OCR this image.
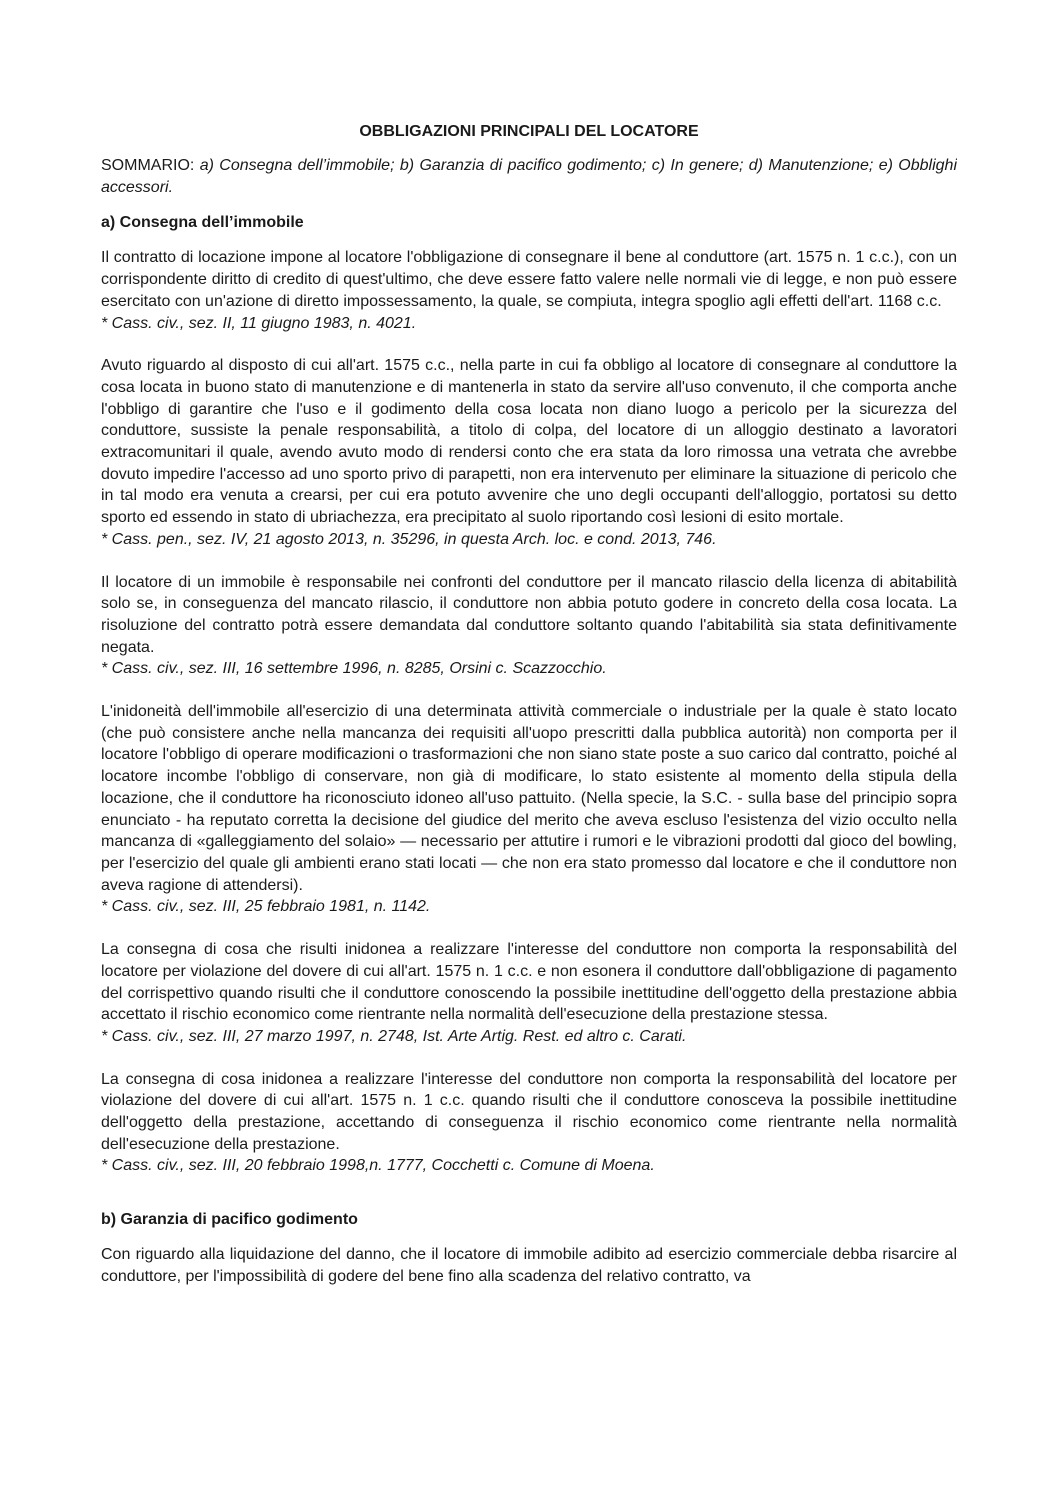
OBBLIGAZIONI PRINCIPALI DEL LOCATORE

SOMMARIO: a) Consegna dell’immobile; b) Garanzia di pacifico godimento; c) In genere; d) Manutenzione; e) Obblighi accessori.

a) Consegna dell’immobile

Il contratto di locazione impone al locatore l'obbligazione di consegnare il bene al conduttore (art. 1575 n. 1 c.c.), con un corrispondente diritto di credito di quest'ultimo, che deve essere fatto valere nelle normali vie di legge, e non può essere esercitato con un'azione di diretto impossessamento, la quale, se compiuta, integra spoglio agli effetti dell'art. 1168 c.c.

* Cass. civ., sez. II, 11 giugno 1983, n. 4021.

Avuto riguardo al disposto di cui all'art. 1575 c.c., nella parte in cui fa obbligo al locatore di consegnare al conduttore la cosa locata in buono stato di manutenzione e di mantenerla in stato da servire all'uso convenuto, il che comporta anche l'obbligo di garantire che l'uso e il godimento della cosa locata non diano luogo a pericolo per la sicurezza del conduttore, sussiste la penale responsabilità, a titolo di colpa, del locatore di un alloggio destinato a lavoratori extracomunitari il quale, avendo avuto modo di rendersi conto che era stata da loro rimossa una vetrata che avrebbe dovuto impedire l'accesso ad uno sporto privo di parapetti, non era intervenuto per eliminare la situazione di pericolo che in tal modo era venuta a crearsi, per cui era potuto avvenire che uno degli occupanti dell'alloggio, portatosi su detto sporto ed essendo in stato di ubriachezza, era precipitato al suolo riportando così lesioni di esito mortale.

* Cass. pen., sez. IV, 21 agosto 2013, n. 35296, in questa Arch. loc. e cond. 2013, 746.

Il locatore di un immobile è responsabile nei confronti del conduttore per il mancato rilascio della licenza di abitabilità solo se, in conseguenza del mancato rilascio, il conduttore non abbia potuto godere in concreto della cosa locata. La risoluzione del contratto potrà essere demandata dal conduttore soltanto quando l'abitabilità sia stata definitivamente negata.

* Cass. civ., sez. III, 16 settembre 1996, n. 8285, Orsini c. Scazzocchio.

L'inidoneità dell'immobile all'esercizio di una determinata attività commerciale o industriale per la quale è stato locato (che può consistere anche nella mancanza dei requisiti all'uopo prescritti dalla pubblica autorità) non comporta per il locatore l'obbligo di operare modificazioni o trasformazioni che non siano state poste a suo carico dal contratto, poiché al locatore incombe l'obbligo di conservare, non già di modificare, lo stato esistente al momento della stipula della locazione, che il conduttore ha riconosciuto idoneo all'uso pattuito. (Nella specie, la S.C. - sulla base del principio sopra enunciato - ha reputato corretta la decisione del giudice del merito che aveva escluso l'esistenza del vizio occulto nella mancanza di «galleggiamento del solaio» — necessario per attutire i rumori e le vibrazioni prodotti dal gioco del bowling, per l'esercizio del quale gli ambienti erano stati locati — che non era stato promesso dal locatore e che il conduttore non aveva ragione di attendersi).

* Cass. civ., sez. III, 25 febbraio 1981, n. 1142.

La consegna di cosa che risulti inidonea a realizzare l'interesse del conduttore non comporta la responsabilità del locatore per violazione del dovere di cui all'art. 1575 n. 1 c.c. e non esonera il conduttore dall'obbligazione di pagamento del corrispettivo quando risulti che il conduttore conoscendo la possibile inettitudine dell'oggetto della prestazione abbia accettato il rischio economico come rientrante nella normalità dell'esecuzione della prestazione stessa.

* Cass. civ., sez. III, 27 marzo 1997, n. 2748, Ist. Arte Artig. Rest. ed altro c. Carati.

La consegna di cosa inidonea a realizzare l'interesse del conduttore non comporta la responsabilità del locatore per violazione del dovere di cui all'art. 1575 n. 1 c.c. quando risulti che il conduttore conosceva la possibile inettitudine dell'oggetto della prestazione, accettando di conseguenza il rischio economico come rientrante nella normalità dell'esecuzione della prestazione.

* Cass. civ., sez. III, 20 febbraio 1998,n. 1777, Cocchetti c. Comune di Moena.

b) Garanzia di pacifico godimento

Con riguardo alla liquidazione del danno, che il locatore di immobile adibito ad esercizio commerciale debba risarcire al conduttore, per l'impossibilità di godere del bene fino alla scadenza del relativo contratto, va
